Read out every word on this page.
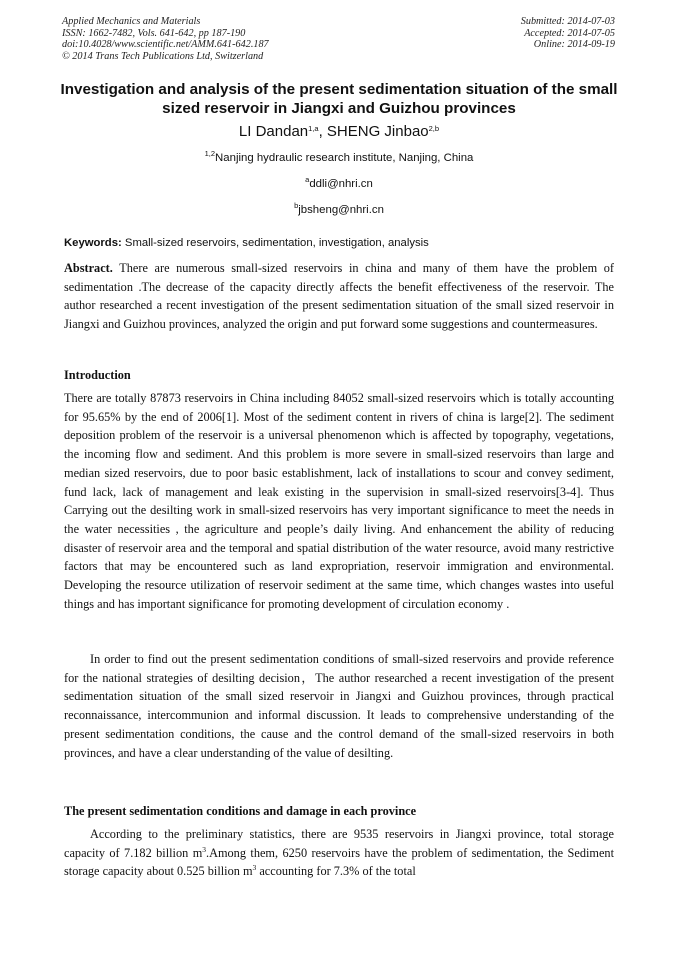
Applied Mechanics and Materials
ISSN: 1662-7482, Vols. 641-642, pp 187-190
doi:10.4028/www.scientific.net/AMM.641-642.187
© 2014 Trans Tech Publications Ltd, Switzerland
Submitted: 2014-07-03
Accepted: 2014-07-05
Online: 2014-09-19
Investigation and analysis of the present sedimentation situation of the small sized reservoir in Jiangxi and Guizhou provinces
LI Dandan$^{1,a}$, SHENG Jinbao$^{2,b}$
$^{1,2}$Nanjing hydraulic research institute, Nanjing, China
$^a$ddli@nhri.cn
$^b$jbsheng@nhri.cn
Keywords: Small-sized reservoirs, sedimentation, investigation, analysis
Abstract. There are numerous small-sized reservoirs in china and many of them have the problem of sedimentation .The decrease of the capacity directly affects the benefit effectiveness of the reservoir. The author researched a recent investigation of the present sedimentation situation of the small sized reservoir in Jiangxi and Guizhou provinces, analyzed the origin and put forward some suggestions and countermeasures.
Introduction
There are totally 87873 reservoirs in China including 84052 small-sized reservoirs which is totally accounting for 95.65% by the end of 2006[1]. Most of the sediment content in rivers of china is large[2]. The sediment deposition problem of the reservoir is a universal phenomenon which is affected by topography, vegetations, the incoming flow and sediment. And this problem is more severe in small-sized reservoirs than large and median sized reservoirs, due to poor basic establishment, lack of installations to scour and convey sediment, fund lack, lack of management and leak existing in the supervision in small-sized reservoirs[3-4]. Thus Carrying out the desilting work in small-sized reservoirs has very important significance to meet the needs in the water necessities , the agriculture and people’s daily living. And enhancement the ability of reducing disaster of reservoir area and the temporal and spatial distribution of the water resource, avoid many restrictive factors that may be encountered such as land expropriation, reservoir immigration and environmental. Developing the resource utilization of reservoir sediment at the same time, which changes wastes into useful things and has important significance for promoting development of circulation economy .
In order to find out the present sedimentation conditions of small-sized reservoirs and provide reference for the national strategies of desilting decision，The author researched a recent investigation of the present sedimentation situation of the small sized reservoir in Jiangxi and Guizhou provinces, through practical reconnaissance, intercommunion and informal discussion. It leads to comprehensive understanding of the present sedimentation conditions, the cause and the control demand of the small-sized reservoirs in both provinces, and have a clear understanding of the value of desilting.
The present sedimentation conditions and damage in each province
According to the preliminary statistics, there are 9535 reservoirs in Jiangxi province, total storage capacity of 7.182 billion $m^3.Among$ them, 6250 reservoirs have the problem of sedimentation, the Sediment storage capacity about 0.525 billion $m^3$ accounting for 7.3% of the total
